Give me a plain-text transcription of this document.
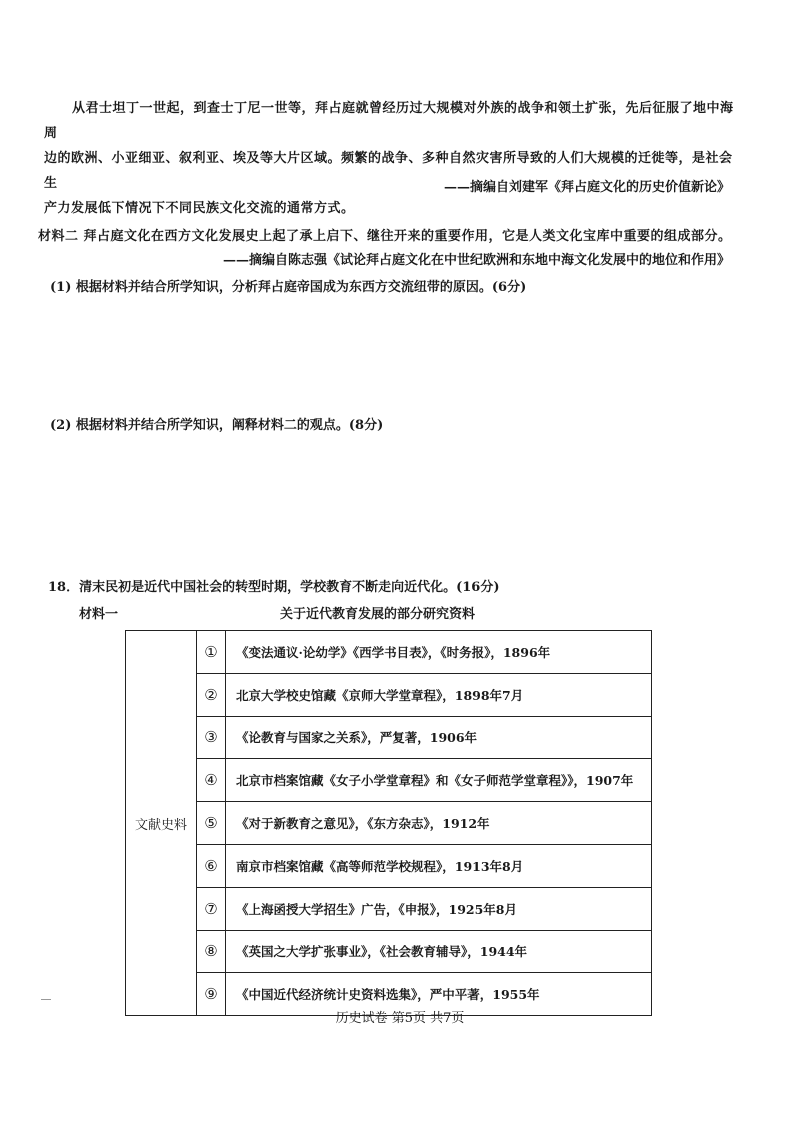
从君士坦丁一世起，到查士丁尼一世等，拜占庭就曾经历过大规模对外族的战争和领土扩张，先后征服了地中海周

边的欧洲、小亚细亚、叙利亚、埃及等大片区域。频繁的战争、多种自然灾害所导致的人们大规模的迁徙等，是社会生

产力发展低下情况下不同民族文化交流的通常方式。

——摘编自刘建军《拜占庭文化的历史价值新论》
材料二 拜占庭文化在西方文化发展史上起了承上启下、继往开来的重要作用，它是人类文化宝库中重要的组成部分。
——摘编自陈志强《试论拜占庭文化在中世纪欧洲和东地中海文化发展中的地位和作用》
(1) 根据材料并结合所学知识，分析拜占庭帝国成为东西方交流纽带的原因。(6分)
(2) 根据材料并结合所学知识，阐释材料二的观点。(8分)
18．清末民初是近代中国社会的转型时期，学校教育不断走向近代化。(16分)
材料一	关于近代教育发展的部分研究资料
文献史料	①	《变法通议·论幼学》《西学书目表》，《时务报》，1896年
	②	北京大学校史馆藏《京师大学堂章程》，1898年7月
	③	《论教育与国家之关系》，严复著，1906年
	④	北京市档案馆藏《女子小学堂章程》和《女子师范学堂章程》》，1907年
	⑤	《对于新教育之意见》，《东方杂志》，1912年
	⑥	南京市档案馆藏《高等师范学校规程》，1913年8月
	⑦	《上海函授大学招生》广告，《申报》，1925年8月
	⑧	《英国之大学扩张事业》，《社会教育辅导》，1944年
	⑨	《中国近代经济统计史资料选集》，严中平著，1955年
历史试卷 第5页 共7页
